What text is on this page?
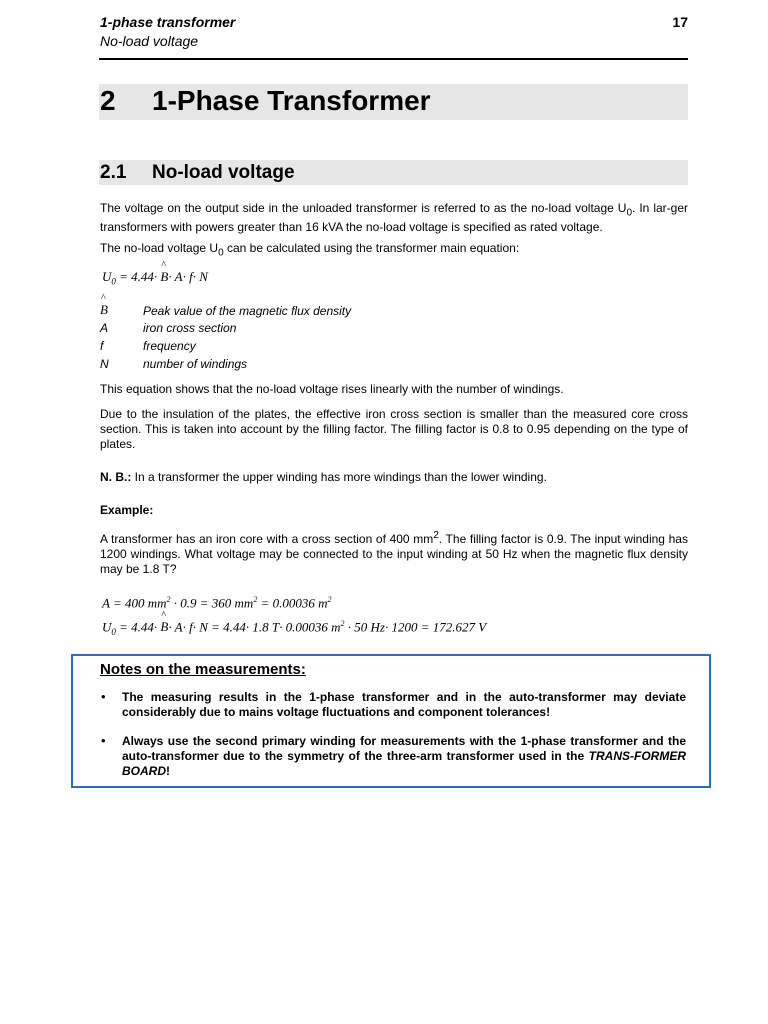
1-phase transformer
No-load voltage
17
2 1-Phase Transformer
2.1 No-load voltage
The voltage on the output side in the unloaded transformer is referred to as the no-load voltage $U_0$. In lar-ger transformers with powers greater than 16 kVA the no-load voltage is specified as rated voltage.
The no-load voltage $U_0$ can be calculated using the transformer main equation:
$U_0 = 4.44\cdot$ ^ B· A· f· N
^ B	Peak value of the magnetic flux density
A	iron cross section
f	frequency
N	number of windings
This equation shows that the no-load voltage rises linearly with the number of windings.
Due to the insulation of the plates, the effective iron cross section is smaller than the measured core cross section. This is taken into account by the filling factor. The filling factor is 0.8 to 0.95 depending on the type of plates.
N. B.: In a transformer the upper winding has more windings than the lower winding.
Example:
A transformer has an iron core with a cross section of 400 $mm^2$. The filling factor is 0.9. The input winding has 1200 windings. What voltage may be connected to the input winding at 50 Hz when the magnetic flux density may be 1.8 T?
A = 400 $mm^2 \cdot 0.9 = 360$ $mm^2 = 0.00036$ $m^2$
$U_0 = 4.44\cdot$ ^ B· A· f· N = 4.44· 1.8 T· 0.00036 $m^2 \cdot 50$ Hz· 1200 = 172.627 V
Notes on the measurements:
• The measuring results in the 1-phase transformer and in the auto-transformer may deviate considerably due to mains voltage fluctuations and component tolerances!
• Always use the second primary winding for measurements with the 1-phase transformer and the auto-transformer due to the symmetry of the three-arm transformer used in the TRANS-FORMER BOARD!
